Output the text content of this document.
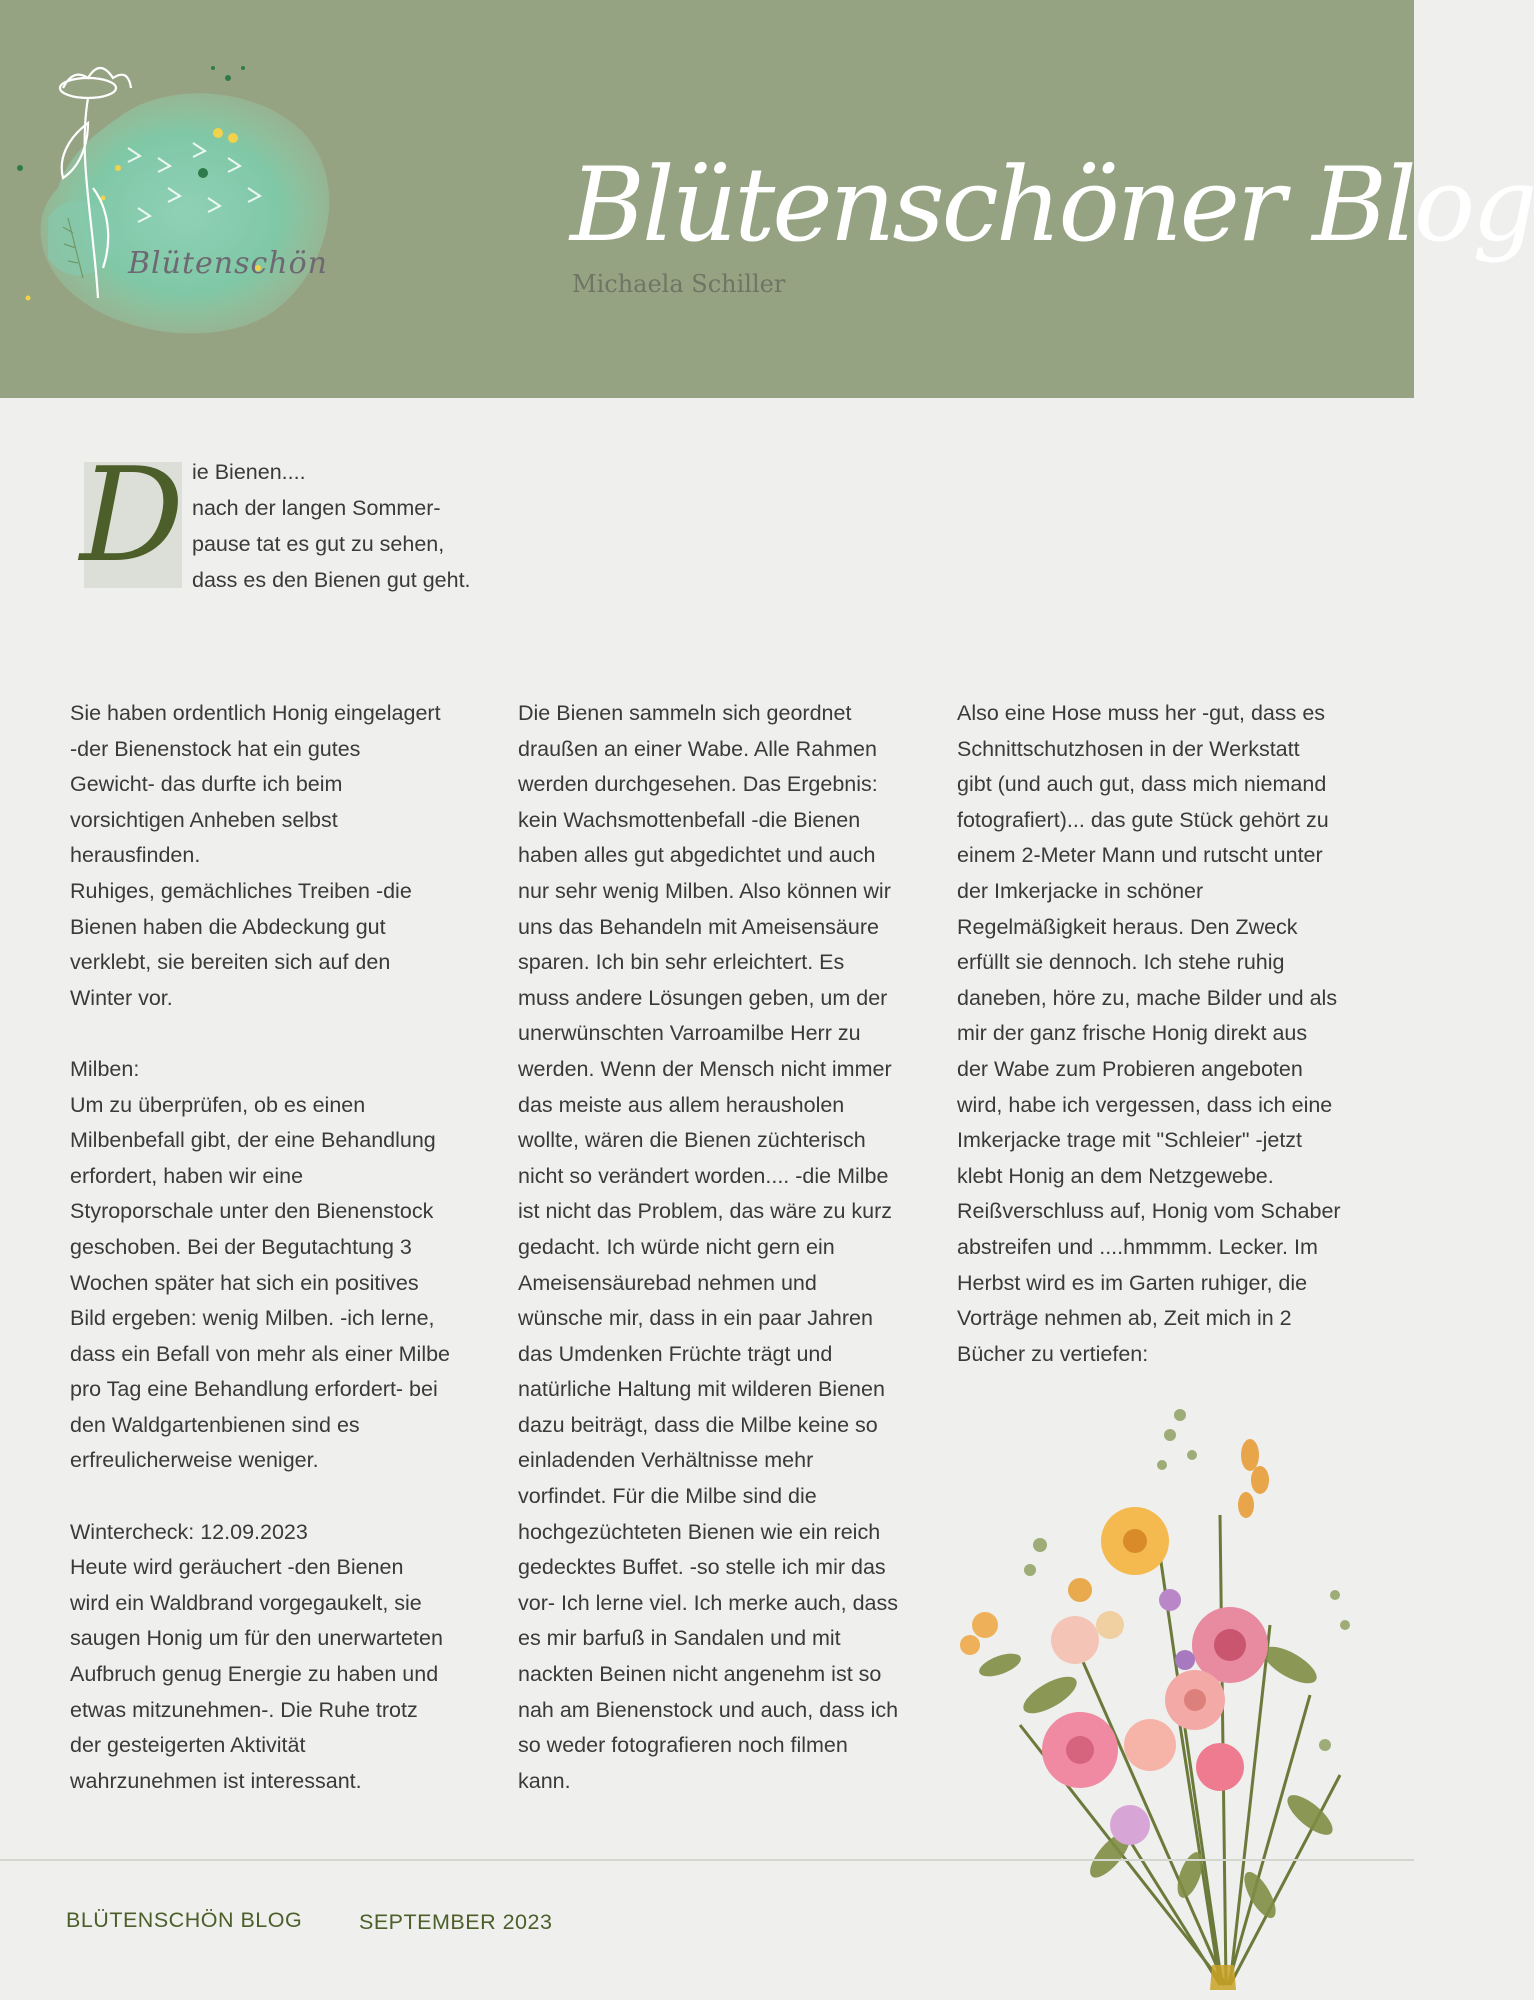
Blütenschön Blütenschöner Blog
Michaela Schiller
D ie Bienen....
nach der langen Sommer-
pause tat es gut zu sehen,
dass es den Bienen gut geht.
Sie haben ordentlich Honig eingelagert
-der Bienenstock hat ein gutes
Gewicht- das durfte ich beim
vorsichtigen Anheben selbst
herausfinden.
Ruhiges, gemächliches Treiben -die
Bienen haben die Abdeckung gut
verklebt, sie bereiten sich auf den
Winter vor.

Milben:
Um zu überprüfen, ob es einen
Milbenbefall gibt, der eine Behandlung
erfordert, haben wir eine
Styroporschale unter den Bienenstock
geschoben. Bei der Begutachtung 3
Wochen später hat sich ein positives
Bild ergeben: wenig Milben. -ich lerne,
dass ein Befall von mehr als einer Milbe
pro Tag eine Behandlung erfordert- bei
den Waldgartenbienen sind es
erfreulicherweise weniger.

Wintercheck: 12.09.2023
Heute wird geräuchert -den Bienen
wird ein Waldbrand vorgegaukelt, sie
saugen Honig um für den unerwarteten
Aufbruch genug Energie zu haben und
etwas mitzunehmen-. Die Ruhe trotz
der gesteigerten Aktivität
wahrzunehmen ist interessant.
Die Bienen sammeln sich geordnet
draußen an einer Wabe. Alle Rahmen
werden durchgesehen. Das Ergebnis:
kein Wachsmottenbefall -die Bienen
haben alles gut abgedichtet und auch
nur sehr wenig Milben. Also können wir
uns das Behandeln mit Ameisensäure
sparen. Ich bin sehr erleichtert. Es
muss andere Lösungen geben, um der
unerwünschten Varroamilbe Herr zu
werden. Wenn der Mensch nicht immer
das meiste aus allem herausholen
wollte, wären die Bienen züchterisch
nicht so verändert worden.... -die Milbe
ist nicht das Problem, das wäre zu kurz
gedacht. Ich würde nicht gern ein
Ameisensäurebad nehmen und
wünsche mir, dass in ein paar Jahren
das Umdenken Früchte trägt und
natürliche Haltung mit wilderen Bienen
dazu beiträgt, dass die Milbe keine so
einladenden Verhältnisse mehr
vorfindet. Für die Milbe sind die
hochgezüchteten Bienen wie ein reich
gedecktes Buffet. -so stelle ich mir das
vor- Ich lerne viel. Ich merke auch, dass
es mir barfuß in Sandalen und mit
nackten Beinen nicht angenehm ist so
nah am Bienenstock und auch, dass ich
so weder fotografieren noch filmen
kann.
Also eine Hose muss her -gut, dass es
Schnittschutzhosen in der Werkstatt
gibt (und auch gut, dass mich niemand
fotografiert)... das gute Stück gehört zu
einem 2-Meter Mann und rutscht unter
der Imkerjacke in schöner
Regelmäßigkeit heraus. Den Zweck
erfüllt sie dennoch. Ich stehe ruhig
daneben, höre zu, mache Bilder und als
mir der ganz frische Honig direkt aus
der Wabe zum Probieren angeboten
wird, habe ich vergessen, dass ich eine
Imkerjacke trage mit "Schleier" -jetzt
klebt Honig an dem Netzgewebe.
Reißverschluss auf, Honig vom Schaber
abstreifen und ....hmmmm. Lecker. Im
Herbst wird es im Garten ruhiger, die
Vorträge nehmen ab, Zeit mich in 2
Bücher zu vertiefen:
BLÜTENSCHÖN BLOG	SEPTEMBER 2023
